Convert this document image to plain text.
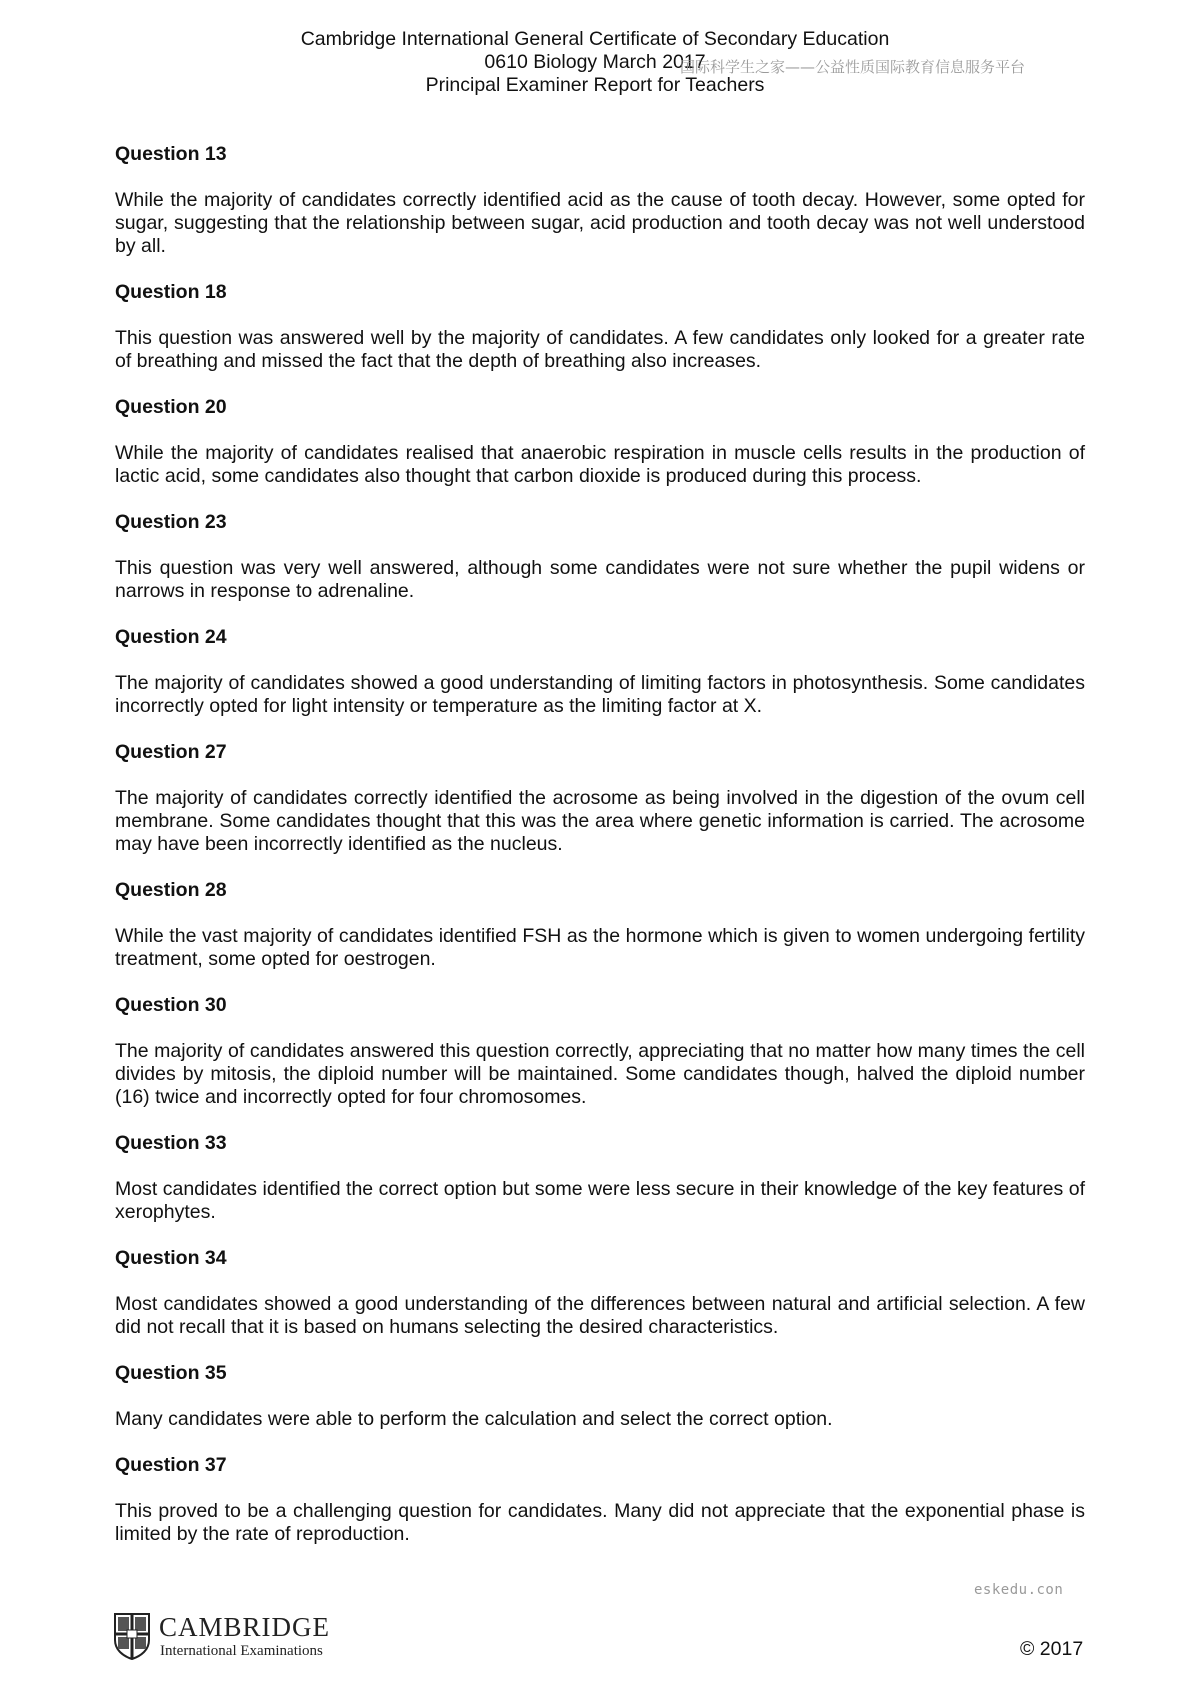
Cambridge International General Certificate of Secondary Education
0610 Biology March 2017
Principal Examiner Report for Teachers
国际科学生之家——公益性质国际教育信息服务平台

Question 13

While the majority of candidates correctly identified acid as the cause of tooth decay. However, some opted for sugar, suggesting that the relationship between sugar, acid production and tooth decay was not well understood by all.

Question 18

This question was answered well by the majority of candidates. A few candidates only looked for a greater rate of breathing and missed the fact that the depth of breathing also increases.

Question 20

While the majority of candidates realised that anaerobic respiration in muscle cells results in the production of lactic acid, some candidates also thought that carbon dioxide is produced during this process.

Question 23

This question was very well answered, although some candidates were not sure whether the pupil widens or narrows in response to adrenaline.

Question 24

The majority of candidates showed a good understanding of limiting factors in photosynthesis. Some candidates incorrectly opted for light intensity or temperature as the limiting factor at X.

Question 27

The majority of candidates correctly identified the acrosome as being involved in the digestion of the ovum cell membrane. Some candidates thought that this was the area where genetic information is carried. The acrosome may have been incorrectly identified as the nucleus.

Question 28

While the vast majority of candidates identified FSH as the hormone which is given to women undergoing fertility treatment, some opted for oestrogen.

Question 30

The majority of candidates answered this question correctly, appreciating that no matter how many times the cell divides by mitosis, the diploid number will be maintained. Some candidates though, halved the diploid number (16) twice and incorrectly opted for four chromosomes.

Question 33

Most candidates identified the correct option but some were less secure in their knowledge of the key features of xerophytes.

Question 34

Most candidates showed a good understanding of the differences between natural and artificial selection. A few did not recall that it is based on humans selecting the desired characteristics.

Question 35

Many candidates were able to perform the calculation and select the correct option.

Question 37

This proved to be a challenging question for candidates. Many did not appreciate that the exponential phase is limited by the rate of reproduction.

eskedu.con
CAMBRIDGE
International Examinations	© 2017
